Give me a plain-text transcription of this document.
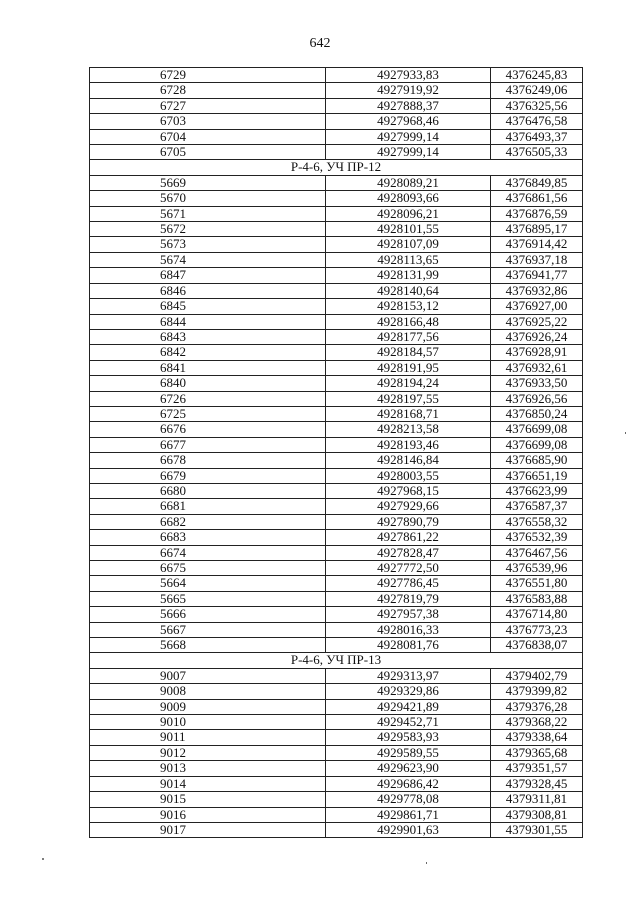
642
6729	4927933,83	4376245,83
6728	4927919,92	4376249,06
6727	4927888,37	4376325,56
6703	4927968,46	4376476,58
6704	4927999,14	4376493,37
6705	4927999,14	4376505,33
Р-4-6, УЧ ПР-12		
5669	4928089,21	4376849,85
5670	4928093,66	4376861,56
5671	4928096,21	4376876,59
5672	4928101,55	4376895,17
5673	4928107,09	4376914,42
5674	4928113,65	4376937,18
6847	4928131,99	4376941,77
6846	4928140,64	4376932,86
6845	4928153,12	4376927,00
6844	4928166,48	4376925,22
6843	4928177,56	4376926,24
6842	4928184,57	4376928,91
6841	4928191,95	4376932,61
6840	4928194,24	4376933,50
6726	4928197,55	4376926,56
6725	4928168,71	4376850,24
6676	4928213,58	4376699,08
6677	4928193,46	4376699,08
6678	4928146,84	4376685,90
6679	4928003,55	4376651,19
6680	4927968,15	4376623,99
6681	4927929,66	4376587,37
6682	4927890,79	4376558,32
6683	4927861,22	4376532,39
6674	4927828,47	4376467,56
6675	4927772,50	4376539,96
5664	4927786,45	4376551,80
5665	4927819,79	4376583,88
5666	4927957,38	4376714,80
5667	4928016,33	4376773,23
5668	4928081,76	4376838,07
Р-4-6, УЧ ПР-13		
9007	4929313,97	4379402,79
9008	4929329,86	4379399,82
9009	4929421,89	4379376,28
9010	4929452,71	4379368,22
9011	4929583,93	4379338,64
9012	4929589,55	4379365,68
9013	4929623,90	4379351,57
9014	4929686,42	4379328,45
9015	4929778,08	4379311,81
9016	4929861,71	4379308,81
9017	4929901,63	4379301,55
